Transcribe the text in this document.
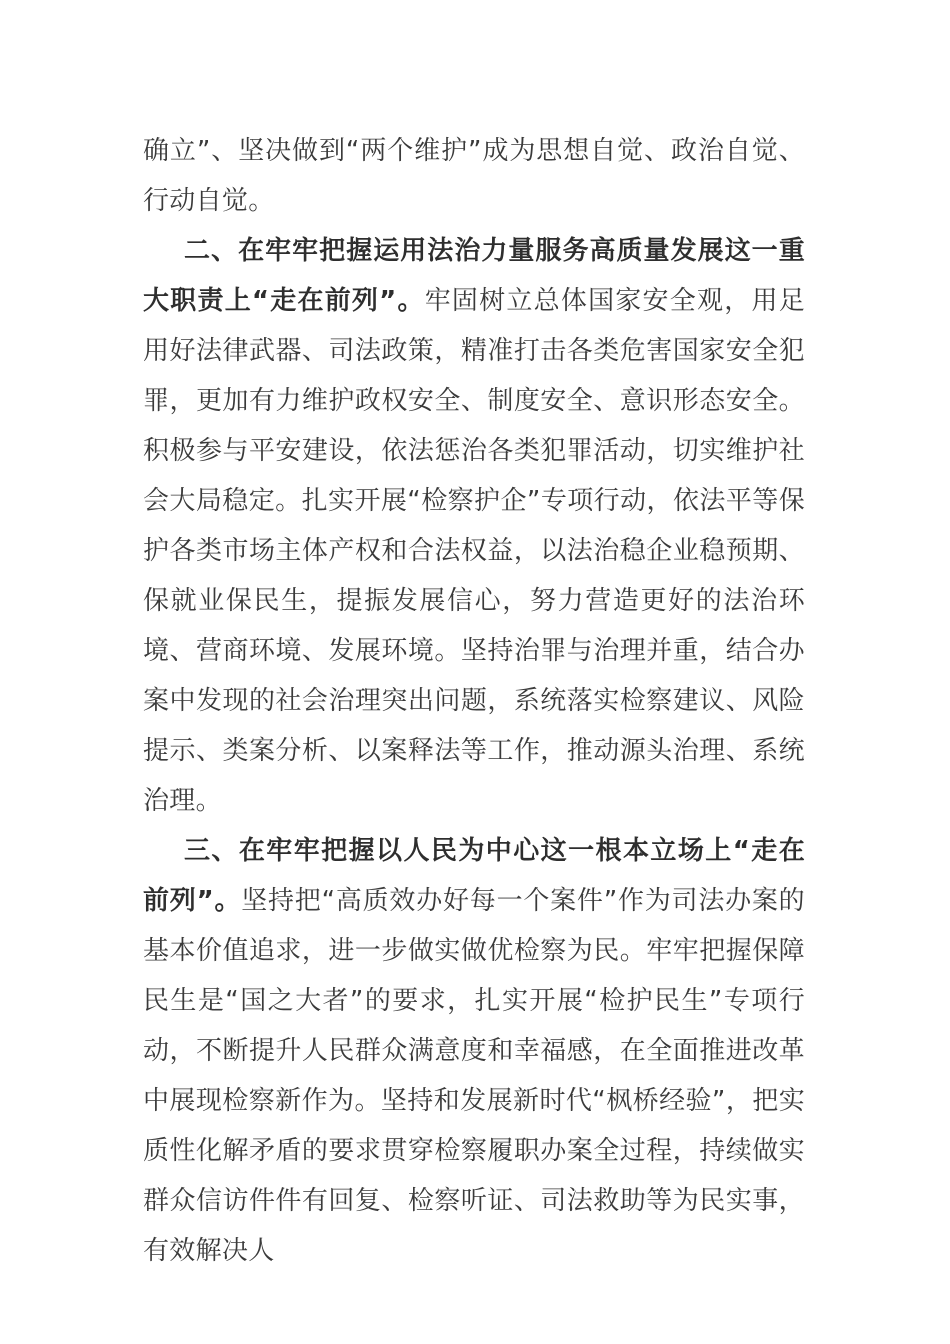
确立”、坚决做到“两个维护”成为思想自觉、政治自觉、行动自觉。

二、在牢牢把握运用法治力量服务高质量发展这一重大职责上“走在前列”。牢固树立总体国家安全观，用足用好法律武器、司法政策，精准打击各类危害国家安全犯罪，更加有力维护政权安全、制度安全、意识形态安全。积极参与平安建设，依法惩治各类犯罪活动，切实维护社会大局稳定。扎实开展“检察护企”专项行动，依法平等保护各类市场主体产权和合法权益，以法治稳企业稳预期、保就业保民生，提振发展信心，努力营造更好的法治环境、营商环境、发展环境。坚持治罪与治理并重，结合办案中发现的社会治理突出问题，系统落实检察建议、风险提示、类案分析、以案释法等工作，推动源头治理、系统治理。

三、在牢牢把握以人民为中心这一根本立场上“走在前列”。坚持把“高质效办好每一个案件”作为司法办案的基本价值追求，进一步做实做优检察为民。牢牢把握保障民生是“国之大者”的要求，扎实开展“检护民生”专项行动，不断提升人民群众满意度和幸福感，在全面推进改革中展现检察新作为。坚持和发展新时代“枫桥经验”，把实质性化解矛盾的要求贯穿检察履职办案全过程，持续做实群众信访件件有回复、检察听证、司法救助等为民实事，有效解决人
